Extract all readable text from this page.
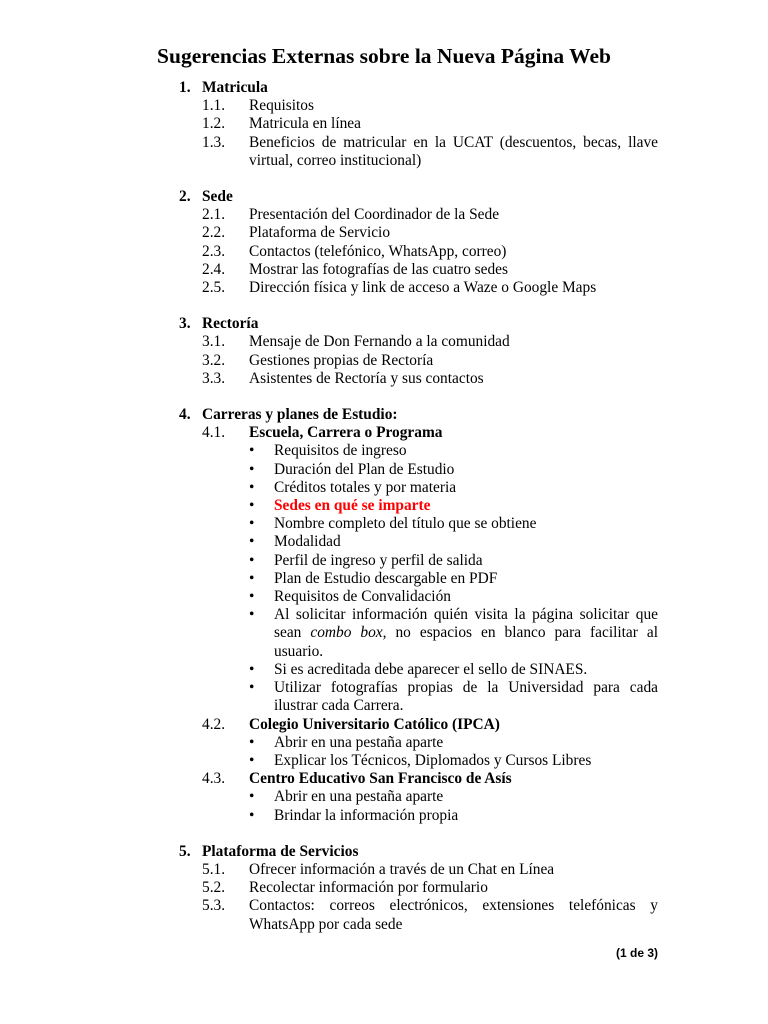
Sugerencias Externas sobre la Nueva Página Web
1. Matricula
1.1. Requisitos
1.2. Matricula en línea
1.3. Beneficios de matricular en la UCAT (descuentos, becas, llave virtual, correo institucional)
2. Sede
2.1. Presentación del Coordinador de la Sede
2.2. Plataforma de Servicio
2.3. Contactos (telefónico, WhatsApp, correo)
2.4. Mostrar las fotografías de las cuatro sedes
2.5. Dirección física y link de acceso a Waze o Google Maps
3. Rectoría
3.1. Mensaje de Don Fernando a la comunidad
3.2. Gestiones propias de Rectoría
3.3. Asistentes de Rectoría y sus contactos
4. Carreras y planes de Estudio:
4.1. Escuela, Carrera o Programa
• Requisitos de ingreso
• Duración del Plan de Estudio
• Créditos totales y por materia
• Sedes en qué se imparte
• Nombre completo del título que se obtiene
• Modalidad
• Perfil de ingreso y perfil de salida
• Plan de Estudio descargable en PDF
• Requisitos de Convalidación
• Al solicitar información quién visita la página solicitar que sean combo box, no espacios en blanco para facilitar al usuario.
• Si es acreditada debe aparecer el sello de SINAES.
• Utilizar fotografías propias de la Universidad para cada ilustrar cada Carrera.
4.2. Colegio Universitario Católico (IPCA)
• Abrir en una pestaña aparte
• Explicar los Técnicos, Diplomados y Cursos Libres
4.3. Centro Educativo San Francisco de Asís
• Abrir en una pestaña aparte
• Brindar la información propia
5. Plataforma de Servicios
5.1. Ofrecer información a través de un Chat en Línea
5.2. Recolectar información por formulario
5.3. Contactos: correos electrónicos, extensiones telefónicas y WhatsApp por cada sede
(1 de 3)
